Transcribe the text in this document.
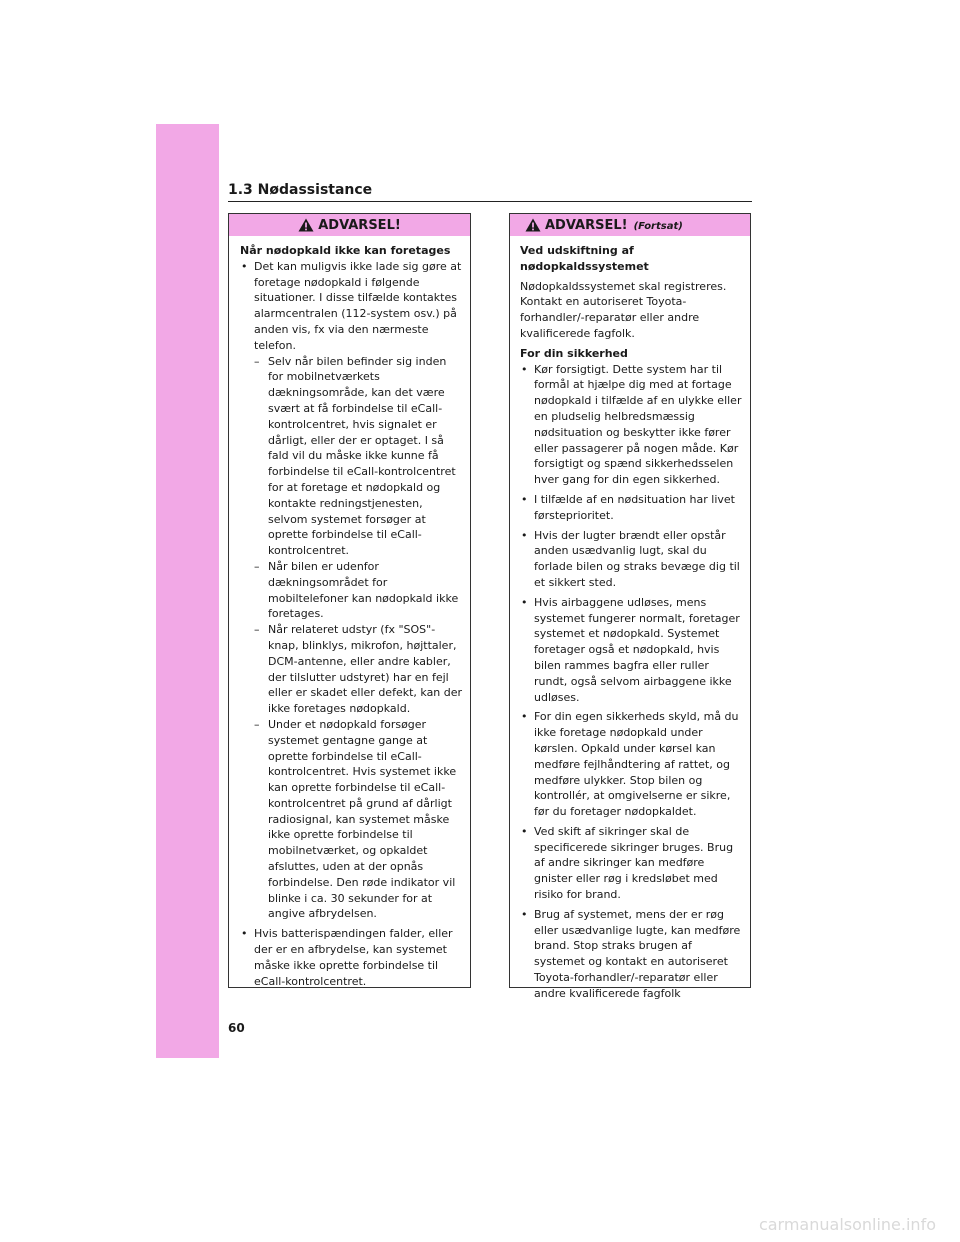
1.3 Nødassistance
ADVARSEL!

Når nødopkald ikke kan foretages

• Det kan muligvis ikke lade sig gøre at foretage nødopkald i følgende situationer. I disse tilfælde kontaktes alarmcentralen (112-system osv.) på anden vis, fx via den nærmeste telefon.
– Selv når bilen befinder sig inden for mobilnetværkets dækningsområde, kan det være svært at få forbindelse til eCall-kontrolcentret, hvis signalet er dårligt, eller der er optaget. I så fald vil du måske ikke kunne få forbindelse til eCall-kontrolcentret for at foretage et nødopkald og kontakte redningstjenesten, selvom systemet forsøger at oprette forbindelse til eCall-kontrolcentret.
– Når bilen er udenfor dækningsområdet for mobiltelefoner kan nødopkald ikke foretages.
– Når relateret udstyr (fx "SOS"-knap, blinklys, mikrofon, højttaler, DCM-antenne, eller andre kabler, der tilslutter udstyret) har en fejl eller er skadet eller defekt, kan der ikke foretages nødopkald.
– Under et nødopkald forsøger systemet gentagne gange at oprette forbindelse til eCall-kontrolcentret. Hvis systemet ikke kan oprette forbindelse til eCall-kontrolcentret på grund af dårligt radiosignal, kan systemet måske ikke oprette forbindelse til mobilnetværket, og opkaldet afsluttes, uden at der opnås forbindelse. Den røde indikator vil blinke i ca. 30 sekunder for at angive afbrydelsen.
• Hvis batterispændingen falder, eller der er en afbrydelse, kan systemet måske ikke oprette forbindelse til eCall-kontrolcentret.
ADVARSEL! (Fortsat)

Ved udskiftning af nødopkaldssystemet

Nødopkaldssystemet skal registreres. Kontakt en autoriseret Toyota-forhandler/-reparatør eller andre kvalificerede fagfolk.

For din sikkerhed

• Kør forsigtigt. Dette system har til formål at hjælpe dig med at fortage nødopkald i tilfælde af en ulykke eller en pludselig helbredsmæssig nødsituation og beskytter ikke fører eller passagerer på nogen måde. Kør forsigtigt og spænd sikkerhedsselen hver gang for din egen sikkerhed.
• I tilfælde af en nødsituation har livet førsteprioritet.
• Hvis der lugter brændt eller opstår anden usædvanlig lugt, skal du forlade bilen og straks bevæge dig til et sikkert sted.
• Hvis airbaggene udløses, mens systemet fungerer normalt, foretager systemet et nødopkald. Systemet foretager også et nødopkald, hvis bilen rammes bagfra eller ruller rundt, også selvom airbaggene ikke udløses.
• For din egen sikkerheds skyld, må du ikke foretage nødopkald under kørslen. Opkald under kørsel kan medføre fejlhåndtering af rattet, og medføre ulykker. Stop bilen og kontrollér, at omgivelserne er sikre, før du foretager nødopkaldet.
• Ved skift af sikringer skal de specificerede sikringer bruges. Brug af andre sikringer kan medføre gnister eller røg i kredsløbet med risiko for brand.
• Brug af systemet, mens der er røg eller usædvanlige lugte, kan medføre brand. Stop straks brugen af systemet og kontakt en autoriseret Toyota-forhandler/-reparatør eller andre kvalificerede fagfolk
60
carmanualsonline.info
